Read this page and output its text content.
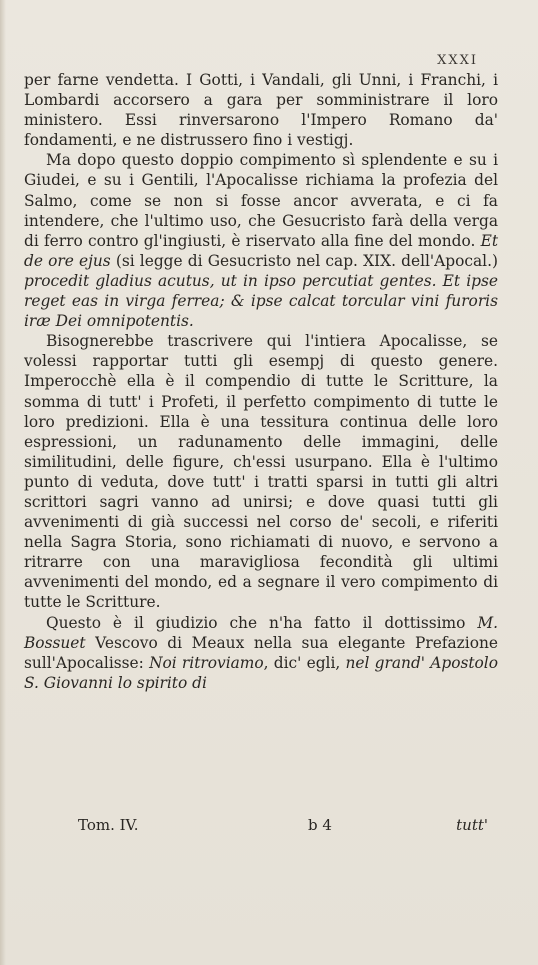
XXXI

per farne vendetta. I Gotti, i Vandali, gli Unni, i Franchi, i Lombardi accorsero a gara per somministrare il loro ministero. Essi rinversarono l'Impero Romano da' fondamenti, e ne distrussero fino i vestigj.

Ma dopo questo doppio compimento sì splendente e su i Giudei, e su i Gentili, l'Apocalisse richiama la profezia del Salmo, come se non si fosse ancor avverata, e ci fa intendere, che l'ultimo uso, che Gesucristo farà della verga di ferro contro gl'ingiusti, è riservato alla fine del mondo. Et de ore ejus (si legge di Gesucristo nel cap. XIX. dell'Apocal.) procedit gladius acutus, ut in ipso percutiat gentes. Et ipse reget eas in virga ferrea; & ipse calcat torcular vini furoris iræ Dei omnipotentis.

Bisognerebbe trascrivere qui l'intiera Apocalisse, se volessi rapportar tutti gli esempj di questo genere. Imperocchè ella è il compendio di tutte le Scritture, la somma di tutt' i Profeti, il perfetto compimento di tutte le loro predizioni. Ella è una tessitura continua delle loro espressioni, un radunamento delle immagini, delle similitudini, delle figure, ch'essi usurpano. Ella è l'ultimo punto di veduta, dove tutt' i tratti sparsi in tutti gli altri scrittori sagri vanno ad unirsi; e dove quasi tutti gli avvenimenti di già successi nel corso de' secoli, e riferiti nella Sagra Storia, sono richiamati di nuovo, e servono a ritrarre con una maravigliosa fecondità gli ultimi avvenimenti del mondo, ed a segnare il vero compimento di tutte le Scritture.

Questo è il giudizio che n'ha fatto il dottissimo M. Bossuet Vescovo di Meaux nella sua elegante Prefazione sull'Apocalisse: Noi ritroviamo, dic' egli, nel grand' Apostolo S. Giovanni lo spirito di

Tom. IV.	b 4	tutt'
